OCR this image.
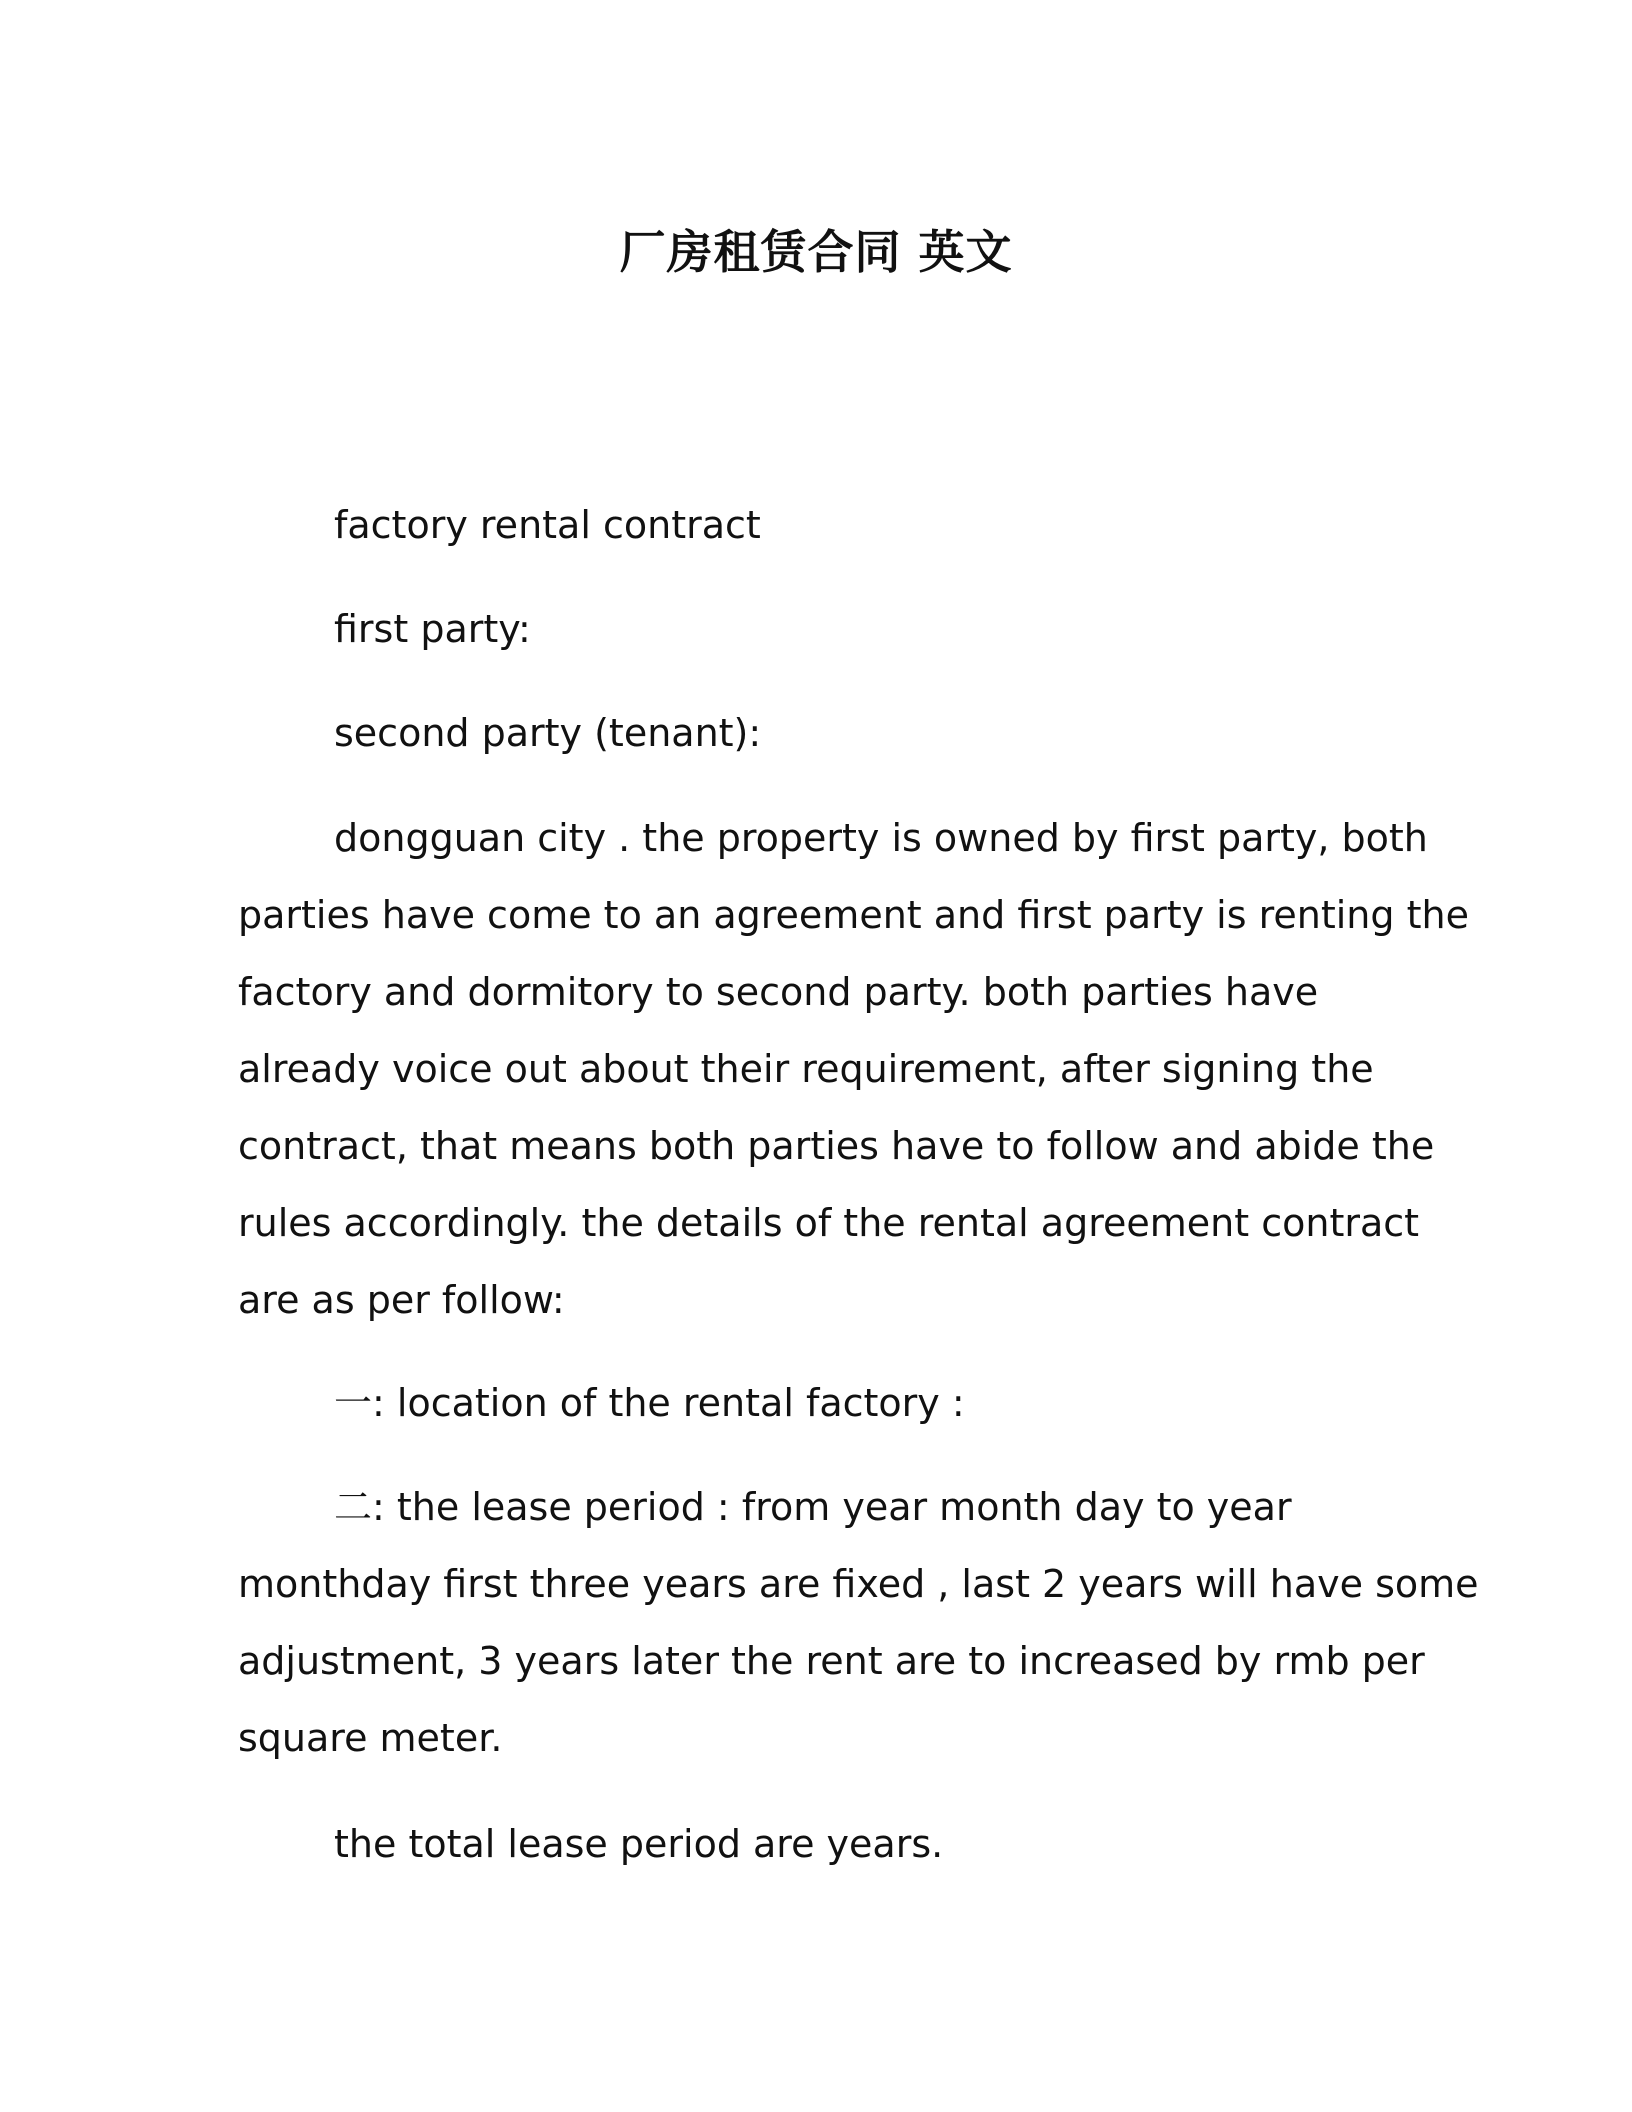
厂房租赁合同 英文

factory rental contract

first party:

second party (tenant):

dongguan city . the property is owned by first party, both
parties have come to an agreement and first party is renting the
factory and dormitory to second party. both parties have
already voice out about their requirement, after signing the
contract, that means both parties have to follow and abide the
rules accordingly. the details of the rental agreement contract
are as per follow:

一: location of the rental factory :

二: the lease period : from year month day to year
monthday first three years are fixed , last 2 years will have some
adjustment, 3 years later the rent are to increased by rmb per
square meter.

the total lease period are years.
